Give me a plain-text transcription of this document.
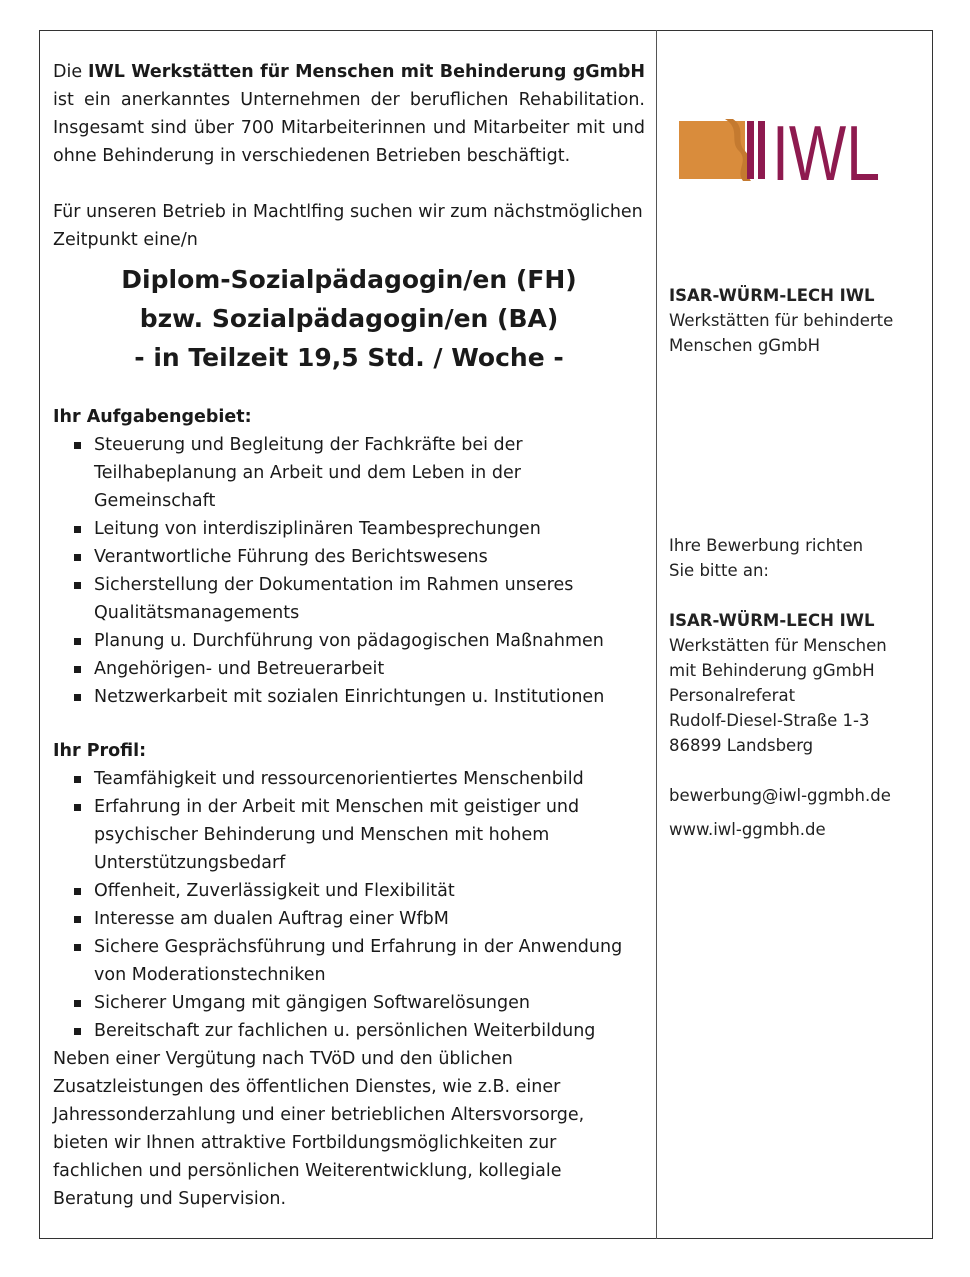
Die IWL Werkstätten für Menschen mit Behinderung gGmbH ist ein anerkanntes Unternehmen der beruflichen Rehabilitation. Insgesamt sind über 700 Mitarbeiterinnen und Mitarbeiter mit und ohne Behinderung in verschiedenen Betrieben beschäftigt.

Für unseren Betrieb in Machtlfing suchen wir zum nächstmöglichen Zeitpunkt eine/n

Diplom-Sozialpädagogin/en (FH)
bzw. Sozialpädagogin/en (BA)
- in Teilzeit 19,5 Std. / Woche -
Ihr Aufgabengebiet:
Steuerung und Begleitung der Fachkräfte bei der Teilhabeplanung an Arbeit und dem Leben in der Gemeinschaft
Leitung von interdisziplinären Teambesprechungen
Verantwortliche Führung des Berichtswesens
Sicherstellung der Dokumentation im Rahmen unseres Qualitätsmanagements
Planung u. Durchführung von pädagogischen Maßnahmen
Angehörigen- und Betreuerarbeit
Netzwerkarbeit mit sozialen Einrichtungen u. Institutionen
Ihr Profil:
Teamfähigkeit und ressourcenorientiertes Menschenbild
Erfahrung in der Arbeit mit Menschen mit geistiger und psychischer Behinderung und Menschen mit hohem Unterstützungsbedarf
Offenheit, Zuverlässigkeit und Flexibilität
Interesse am dualen Auftrag einer WfbM
Sichere Gesprächsführung und Erfahrung in der Anwendung von Moderationstechniken
Sicherer Umgang mit gängigen Softwarelösungen
Bereitschaft zur fachlichen u. persönlichen Weiterbildung

Neben einer Vergütung nach TVöD und den üblichen Zusatzleistungen des öffentlichen Dienstes, wie z.B. einer Jahressonderzahlung und einer betrieblichen Altersvorsorge, bieten wir Ihnen attraktive Fortbildungsmöglichkeiten zur fachlichen und persönlichen Weiterentwicklung, kollegiale Beratung und Supervision.

IWL
ISAR-WÜRM-LECH IWL
Werkstätten für behinderte
Menschen gGmbH
Ihre Bewerbung richten
Sie bitte an:
ISAR-WÜRM-LECH IWL
Werkstätten für Menschen
mit Behinderung gGmbH
Personalreferat
Rudolf-Diesel-Straße 1-3
86899 Landsberg
bewerbung@iwl-ggmbh.de
www.iwl-ggmbh.de
